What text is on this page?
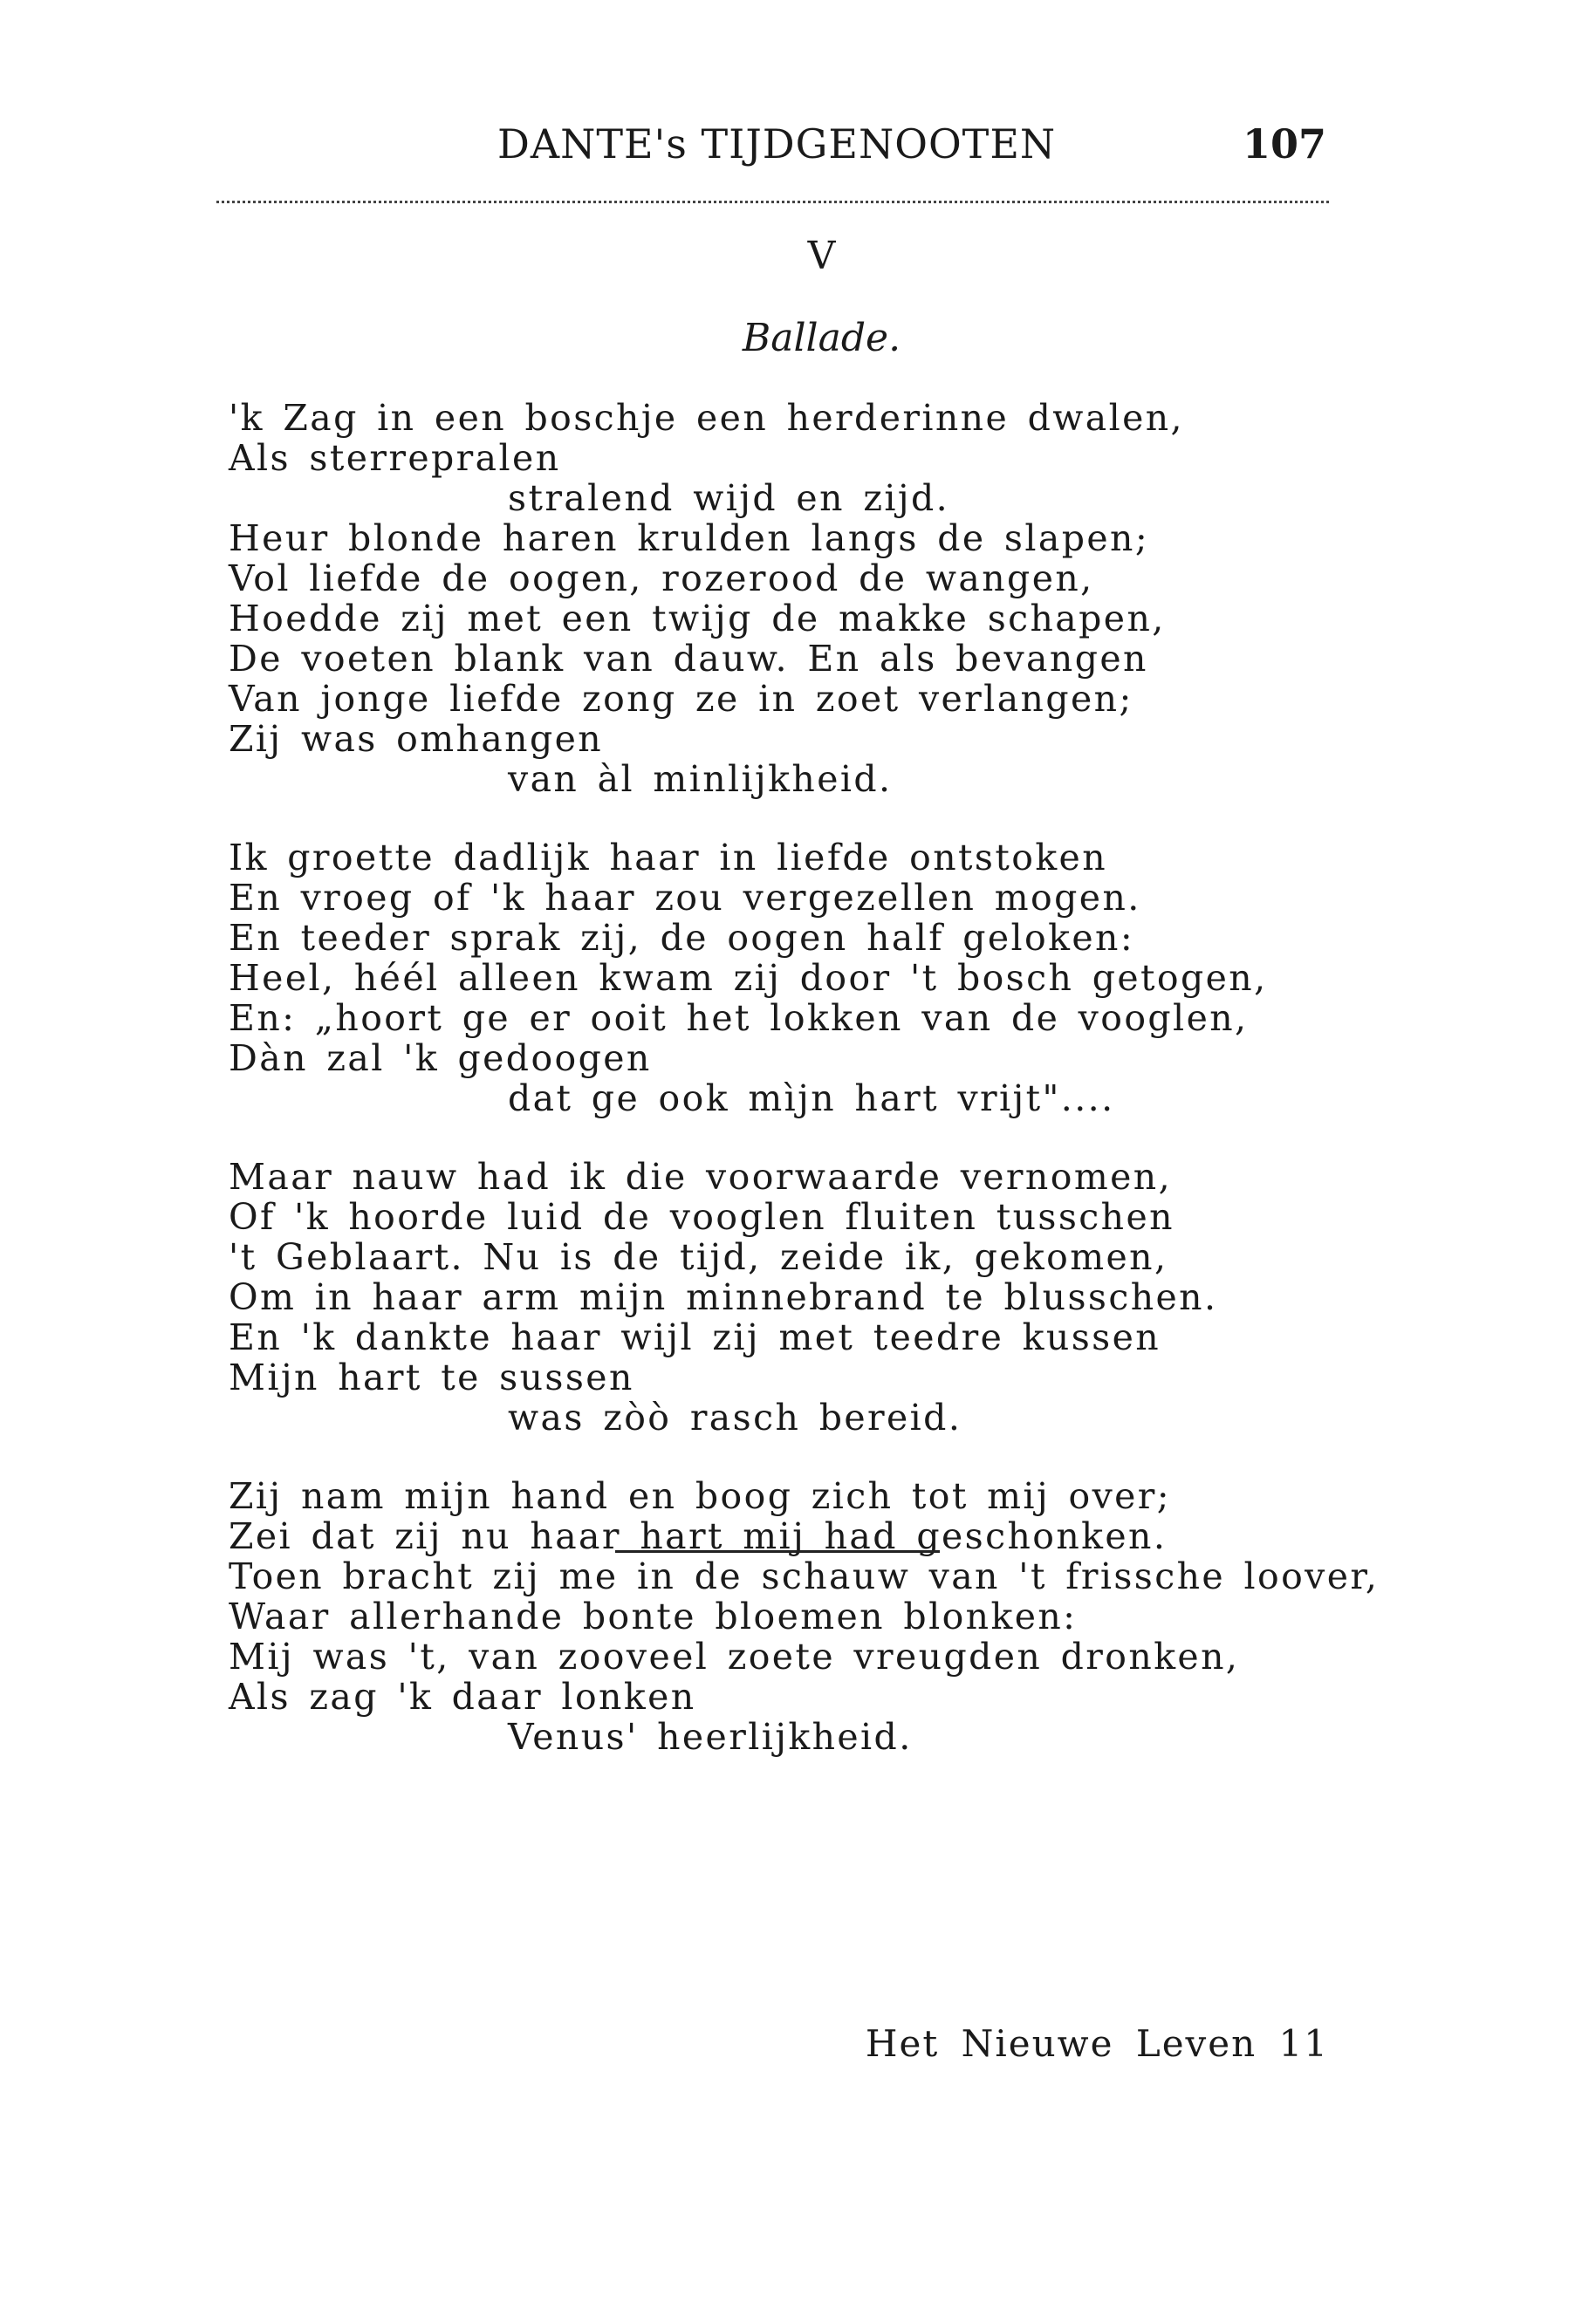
DANTE's TIJDGENOOTEN	107
V
Ballade.
'k Zag in een boschje een herderinne dwalen,
Als sterrepralen
stralend wijd en zijd.
Heur blonde haren krulden langs de slapen;
Vol liefde de oogen, rozerood de wangen,
Hoedde zij met een twijg de makke schapen,
De voeten blank van dauw. En als bevangen
Van jonge liefde zong ze in zoet verlangen;
Zij was omhangen
van àl minlijkheid.
Ik groette dadlijk haar in liefde ontstoken
En vroeg of 'k haar zou vergezellen mogen.
En teeder sprak zij, de oogen half geloken:
Heel, héél alleen kwam zij door 't bosch getogen,
En: „hoort ge er ooit het lokken van de vooglen,
Dàn zal 'k gedoogen
dat ge ook mìjn hart vrijt"....
Maar nauw had ik die voorwaarde vernomen,
Of 'k hoorde luid de vooglen fluiten tusschen
't Geblaart. Nu is de tijd, zeide ik, gekomen,
Om in haar arm mijn minnebrand te blusschen.
En 'k dankte haar wijl zij met teedre kussen
Mijn hart te sussen
was zòò rasch bereid.
Zij nam mijn hand en boog zich tot mij over;
Zei dat zij nu haar hart mij had geschonken.
Toen bracht zij me in de schauw van 't frissche loover,
Waar allerhande bonte bloemen blonken:
Mij was 't, van zooveel zoete vreugden dronken,
Als zag 'k daar lonken
Venus' heerlijkheid.
Het Nieuwe Leven 11
